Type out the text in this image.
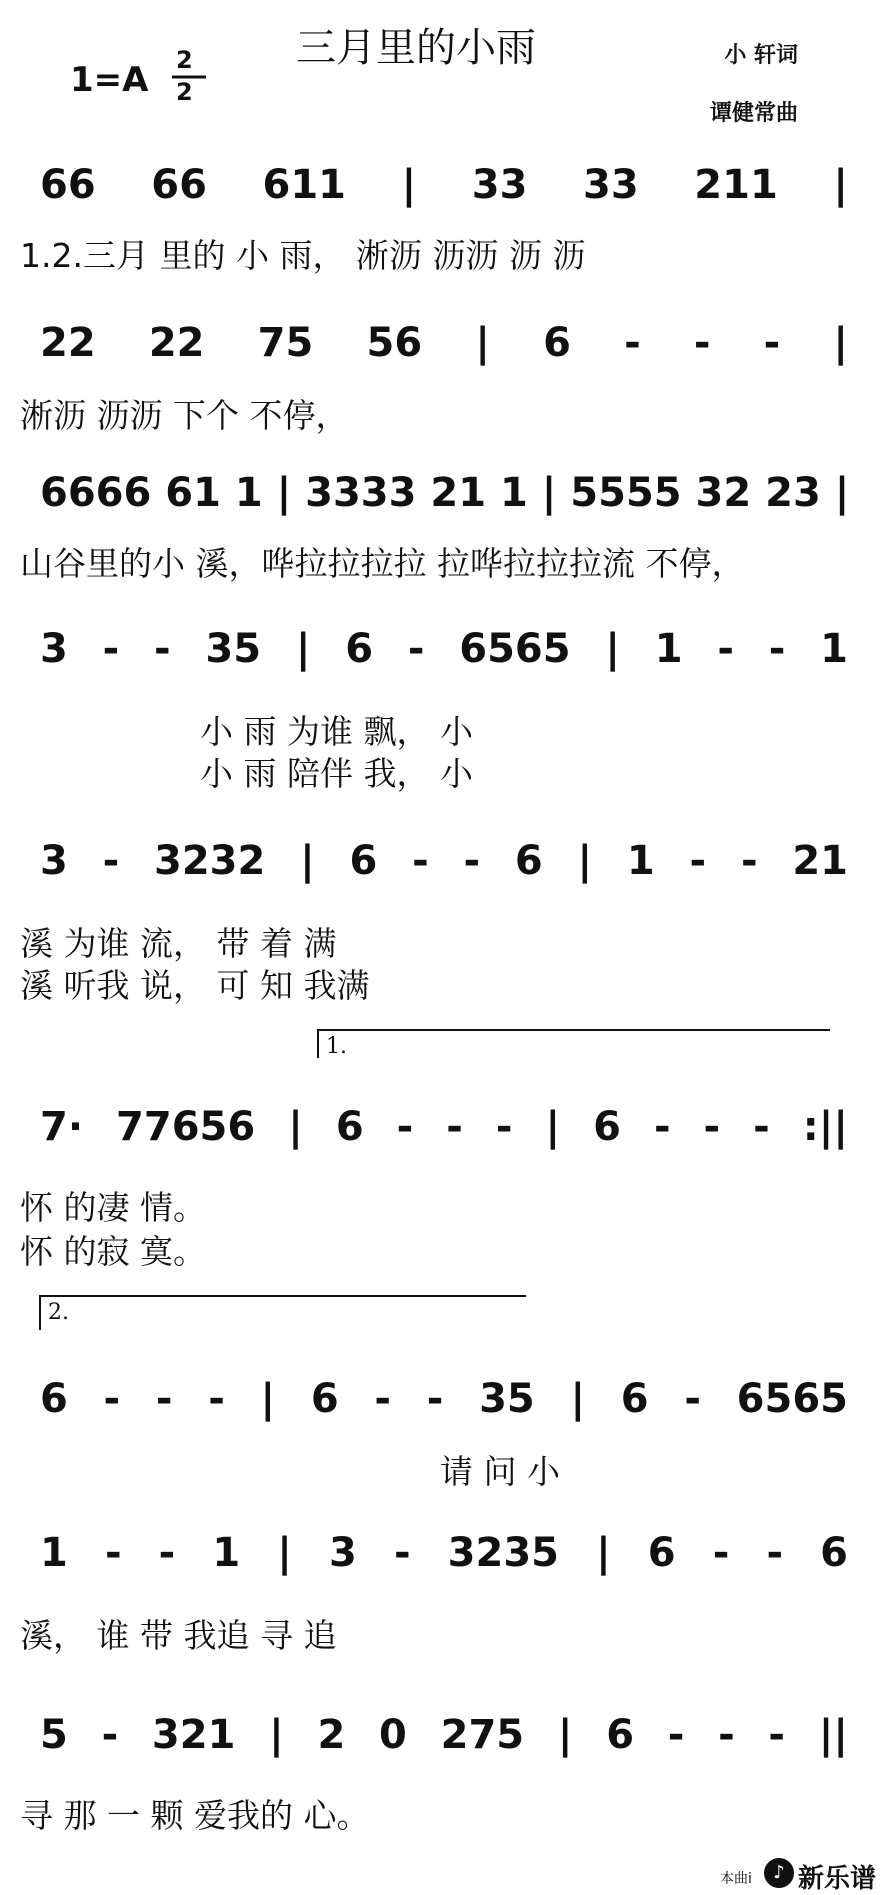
三月里的小雨
1=A 2
2
小 轩词
谭健常曲
66 66 611 | 33 33 211 |
1.2.三月 里的 小 雨， 淅沥 沥沥 沥 沥
22 22 75 56 | 6 - - - |
淅沥 沥沥 下个 不停，
6666 61 1 | 3333 21 1 | 5555 32 23 |
山谷里的小 溪，哗拉拉拉拉 拉哗拉拉拉流 不停，
3 - - 35 | 6 - 6565 | 1 - - 1
小 雨 为谁 飘， 小
小 雨 陪伴 我， 小
3 - 3232 | 6 - - 6 | 1 - - 21
溪 为谁 流， 带 着 满
溪 听我 说， 可 知 我满
7· 77656 | 6 - - - | 6 - - - :||
怀 的凄 情。
怀 的寂 寞。
6 - - - | 6 - - 35 | 6 - 6565
请 问 小
1 - - 1 | 3 - 3235 | 6 - - 6
溪， 谁 带 我追 寻 追
5 - 321 | 2 0 275 | 6 - - - ||
寻 那 一 颗 爱我的 心。
1.
2.
本曲i	♪ 新乐谱
